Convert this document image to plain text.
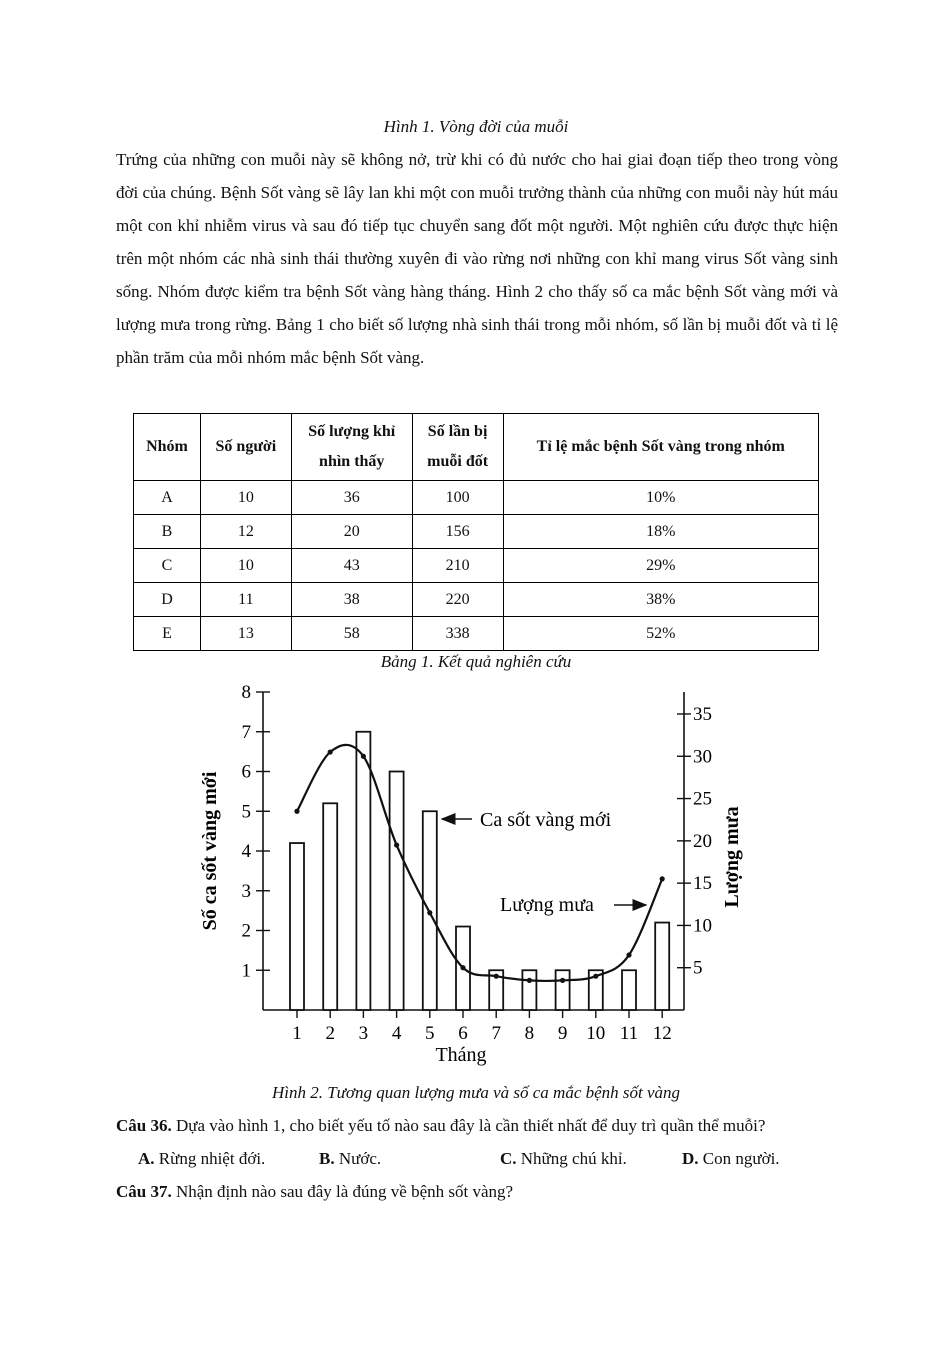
Hình 1. Vòng đời của muỗi

Trứng của những con muỗi này sẽ không nở, trừ khi có đủ nước cho hai giai đoạn tiếp theo trong vòng đời của chúng. Bệnh Sốt vàng sẽ lây lan khi một con muỗi trưởng thành của những con muỗi này hút máu một con khỉ nhiễm virus và sau đó tiếp tục chuyển sang đốt một người. Một nghiên cứu được thực hiện trên một nhóm các nhà sinh thái thường xuyên đi vào rừng nơi những con khỉ mang virus Sốt vàng sinh sống. Nhóm được kiểm tra bệnh Sốt vàng hàng tháng. Hình 2 cho thấy số ca mắc bệnh Sốt vàng mới và lượng mưa trong rừng. Bảng 1 cho biết số lượng nhà sinh thái trong mỗi nhóm, số lần bị muỗi đốt và tỉ lệ phần trăm của mỗi nhóm mắc bệnh Sốt vàng.

Nhóm	Số người	Số lượng khỉ nhìn thấy	Số lần bị muỗi đốt	Tỉ lệ mắc bệnh Sốt vàng trong nhóm
A	10	36	100	10%
B	12	20	156	18%
C	10	43	210	29%
D	11	38	220	38%
E	13	58	338	52%
Bảng 1. Kết quả nghiên cứu
1
2
3
4
5
6
7
8
5
10
15
20
25
30
35
1 2 3 4 5 6 7 8 9 10 11 12
Số ca sốt vàng mới	Lượng mưa
Tháng
Ca sốt vàng mới
Lượng mưa
Hình 2. Tương quan lượng mưa và số ca mắc bệnh sốt vàng
Câu 36. Dựa vào hình 1, cho biết yếu tố nào sau đây là cần thiết nhất để duy trì quần thể muỗi?
A. Rừng nhiệt đới.	B. Nước.	C. Những chú khỉ.	D. Con người.
Câu 37. Nhận định nào sau đây là đúng về bệnh sốt vàng?
